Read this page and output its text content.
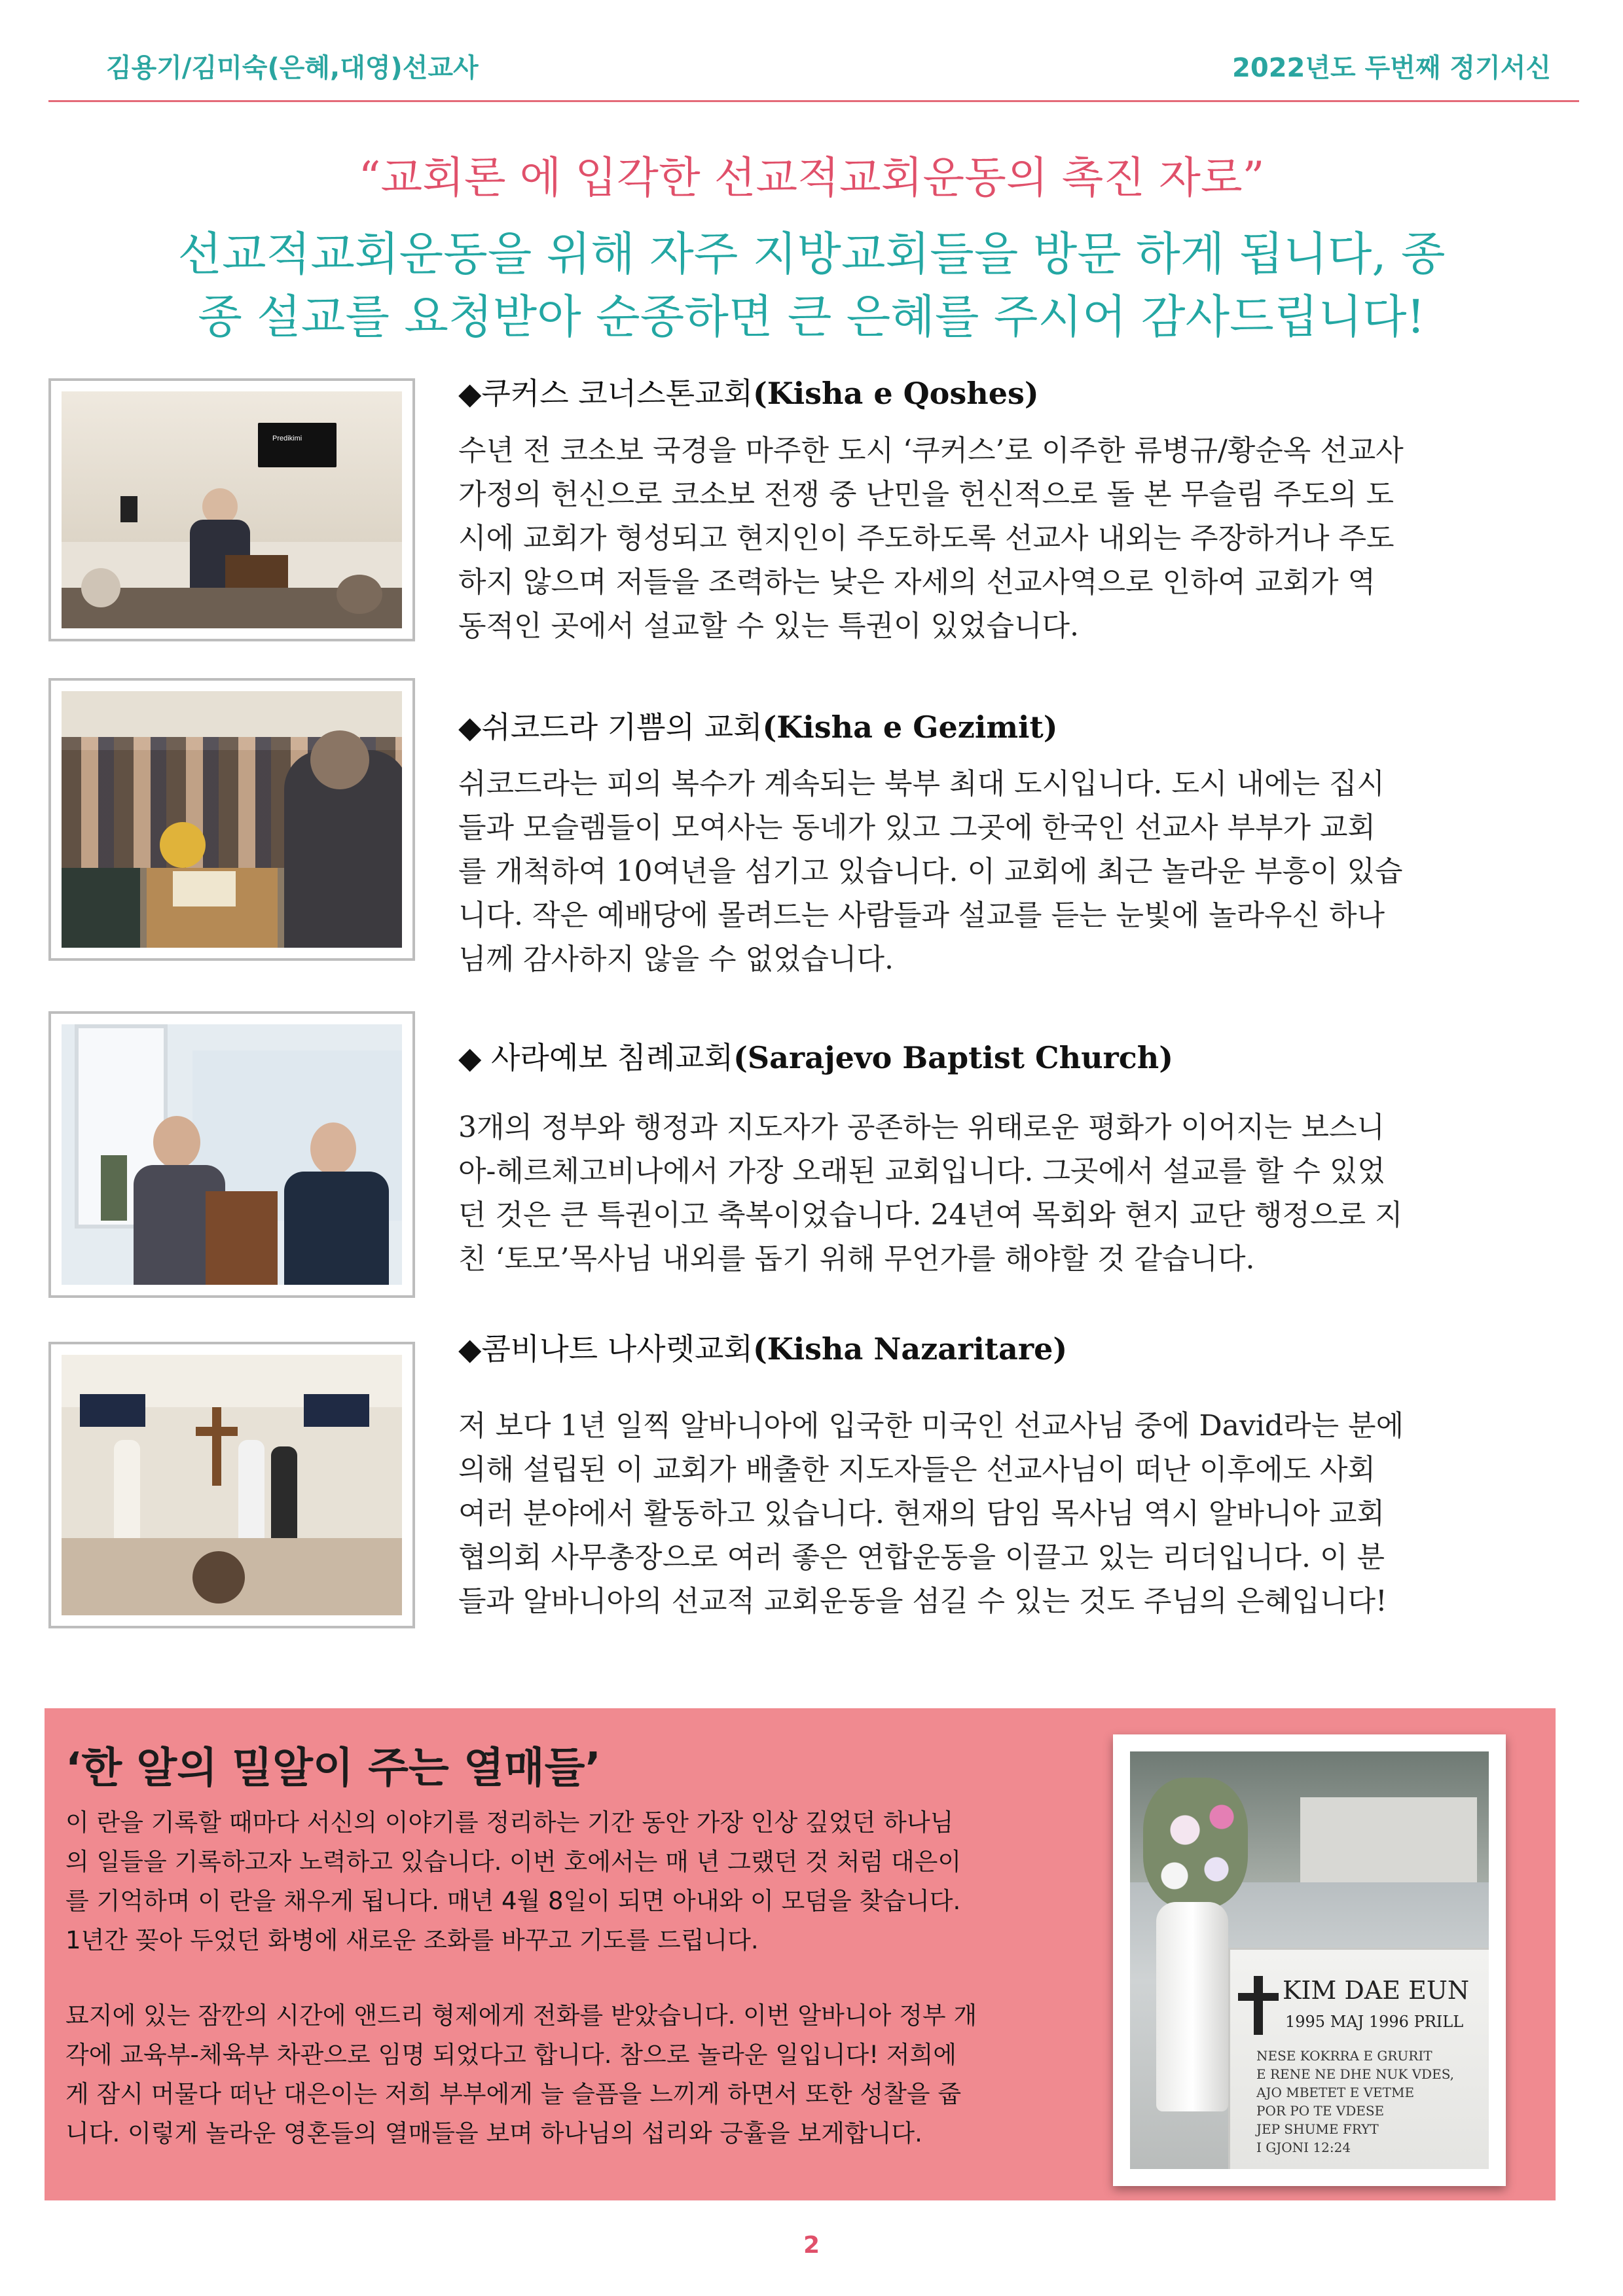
김용기/김미숙(은혜,대영)선교사	2022년도 두번째 정기서신
“교회론 에 입각한 선교적교회운동의 촉진 자로”
선교적교회운동을 위해 자주 지방교회들을 방문 하게 됩니다, 종
종 설교를 요청받아 순종하면 큰 은혜를 주시어 감사드립니다!
Predikimi
◆쿠커스 코너스톤교회(Kisha e Qoshes)
수년 전 코소보 국경을 마주한 도시 ‘쿠커스’로 이주한 류병규/황순옥 선교사
가정의 헌신으로 코소보 전쟁 중 난민을 헌신적으로 돌 본 무슬림 주도의 도
시에 교회가 형성되고 현지인이 주도하도록 선교사 내외는 주장하거나 주도
하지 않으며 저들을 조력하는 낮은 자세의 선교사역으로 인하여 교회가 역
동적인 곳에서 설교할 수 있는 특권이 있었습니다.
◆쉬코드라 기쁨의 교회(Kisha e Gezimit)
쉬코드라는 피의 복수가 계속되는 북부 최대 도시입니다. 도시 내에는 집시
들과 모슬렘들이 모여사는 동네가 있고 그곳에 한국인 선교사 부부가 교회
를 개척하여 10여년을 섬기고 있습니다. 이 교회에 최근 놀라운 부흥이 있습
니다. 작은 예배당에 몰려드는 사람들과 설교를 듣는 눈빛에 놀라우신 하나
님께 감사하지 않을 수 없었습니다.
◆ 사라예보 침례교회(Sarajevo Baptist Church)
3개의 정부와 행정과 지도자가 공존하는 위태로운 평화가 이어지는 보스니
아-헤르체고비나에서 가장 오래된 교회입니다. 그곳에서 설교를 할 수 있었
던 것은 큰 특권이고 축복이었습니다. 24년여 목회와 현지 교단 행정으로 지
친 ‘토모’목사님 내외를 돕기 위해 무언가를 해야할 것 같습니다.
◆콤비나트 나사렛교회(Kisha Nazaritare)
저 보다 1년 일찍 알바니아에 입국한 미국인 선교사님 중에 David라는 분에
의해 설립된 이 교회가 배출한 지도자들은 선교사님이 떠난 이후에도 사회
여러 분야에서 활동하고 있습니다. 현재의 담임 목사님 역시 알바니아 교회
협의회 사무총장으로 여러 좋은 연합운동을 이끌고 있는 리더입니다. 이 분
들과 알바니아의 선교적 교회운동을 섬길 수 있는 것도 주님의 은혜입니다!
‘한 알의 밀알이 주는 열매들’
이 란을 기록할 때마다 서신의 이야기를 정리하는 기간 동안 가장 인상 깊었던 하나님
의 일들을 기록하고자 노력하고 있습니다. 이번 호에서는 매 년 그랬던 것 처럼 대은이
를 기억하며 이 란을 채우게 됩니다. 매년 4월 8일이 되면 아내와 이 모덤을 찾습니다.
1년간 꽂아 두었던 화병에 새로운 조화를 바꾸고 기도를 드립니다.
묘지에 있는 잠깐의 시간에 앤드리 형제에게 전화를 받았습니다. 이번 알바니아 정부 개
각에 교육부-체육부 차관으로 임명 되었다고 합니다. 참으로 놀라운 일입니다! 저희에
게 잠시 머물다 떠난 대은이는 저희 부부에게 늘 슬픔을 느끼게 하면서 또한 성찰을 줍
니다. 이렇게 놀라운 영혼들의 열매들을 보며 하나님의 섭리와 긍휼을 보게합니다.
KIM DAE EUN
1995 MAJ 1996 PRILL
NESE KOKRRA E GRURIT
E RENE NE DHE NUK VDES,
AJO MBETET E VETME
POR PO TE VDESE
JEP SHUME FRYT
I GJONI 12:24
2
